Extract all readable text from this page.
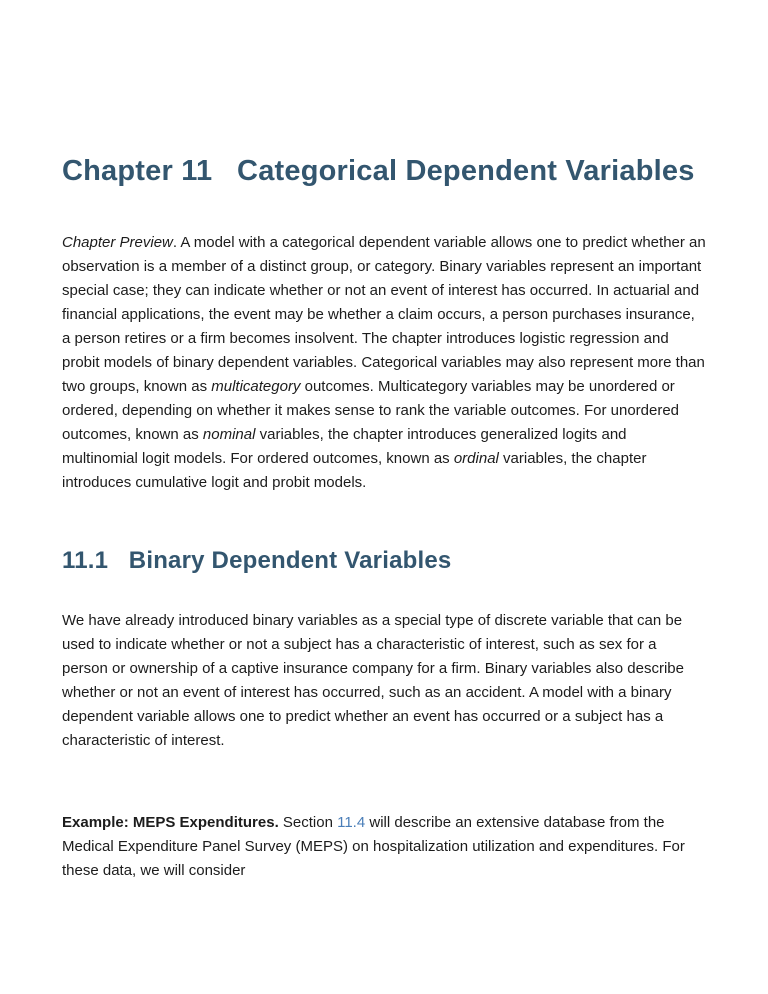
Chapter 11   Categorical Dependent Variables

Chapter Preview. A model with a categorical dependent variable allows one to predict whether an observation is a member of a distinct group, or category. Binary variables represent an important special case; they can indicate whether or not an event of interest has occurred. In actuarial and financial applications, the event may be whether a claim occurs, a person purchases insurance, a person retires or a firm becomes insolvent. The chapter introduces logistic regression and probit models of binary dependent variables. Categorical variables may also represent more than two groups, known as multicategory outcomes. Multicategory variables may be unordered or ordered, depending on whether it makes sense to rank the variable outcomes. For unordered outcomes, known as nominal variables, the chapter introduces generalized logits and multinomial logit models. For ordered outcomes, known as ordinal variables, the chapter introduces cumulative logit and probit models.

11.1   Binary Dependent Variables

We have already introduced binary variables as a special type of discrete variable that can be used to indicate whether or not a subject has a characteristic of interest, such as sex for a person or ownership of a captive insurance company for a firm. Binary variables also describe whether or not an event of interest has occurred, such as an accident. A model with a binary dependent variable allows one to predict whether an event has occurred or a subject has a characteristic of interest.

Example: MEPS Expenditures. Section 11.4 will describe an extensive database from the Medical Expenditure Panel Survey (MEPS) on hospitalization utilization and expenditures. For these data, we will consider
